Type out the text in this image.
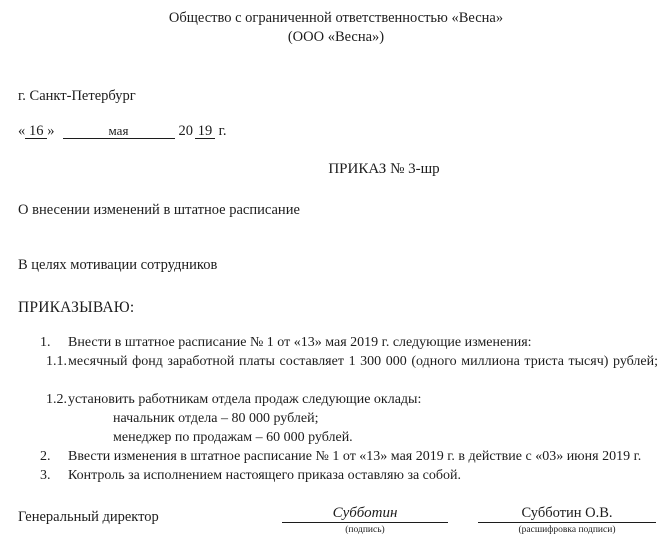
Общество с ограниченной ответственностью «Весна»
(ООО «Весна»)
г. Санкт-Петербург
« 16 »	мая	20 19 г.
ПРИКАЗ № 3-шр
О внесении изменений в штатное расписание
В целях мотивации сотрудников
ПРИКАЗЫВАЮ:
1. Внести в штатное расписание № 1 от «13» мая 2019 г. следующие изменения:
1.1. месячный фонд заработной платы составляет 1 300 000 (одного миллиона триста тысяч) рублей;
1.2. установить работникам отдела продаж следующие оклады:
начальник отдела – 80 000 рублей;
менеджер по продажам – 60 000 рублей.
2. Ввести изменения в штатное расписание № 1 от «13» мая 2019 г. в действие с «03» июня 2019 г.
3. Контроль за исполнением настоящего приказа оставляю за собой.
Генеральный директор	Субботин
(подпись)
Субботин О.В.
(расшифровка подписи)
